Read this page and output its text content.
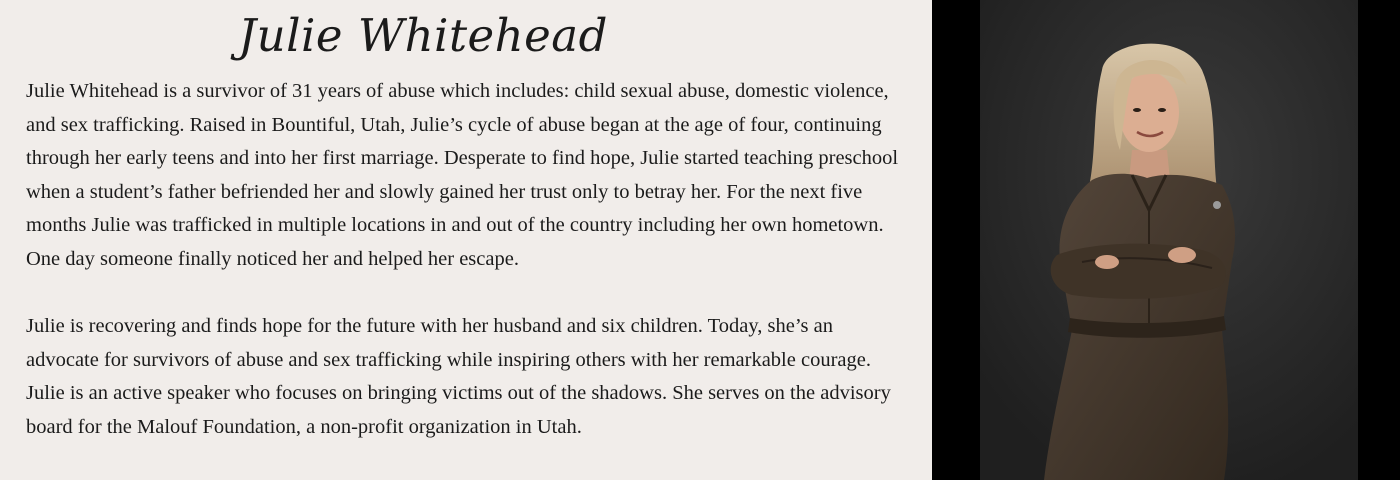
Julie Whitehead

Julie Whitehead is a survivor of 31 years of abuse which includes: child sexual abuse, domestic violence, and sex trafficking. Raised in Bountiful, Utah, Julie’s cycle of abuse began at the age of four, continuing through her early teens and into her first marriage. Desperate to find hope, Julie started teaching preschool when a student’s father befriended her and slowly gained her trust only to betray her. For the next five months Julie was trafficked in multiple locations in and out of the country including her own hometown. One day someone finally noticed her and helped her escape.

Julie is recovering and finds hope for the future with her husband and six children. Today, she’s an advocate for survivors of abuse and sex trafficking while inspiring others with her remarkable courage. Julie is an active speaker who focuses on bringing victims out of the shadows. She serves on the advisory board for the Malouf Foundation, a non-profit organization in Utah.
